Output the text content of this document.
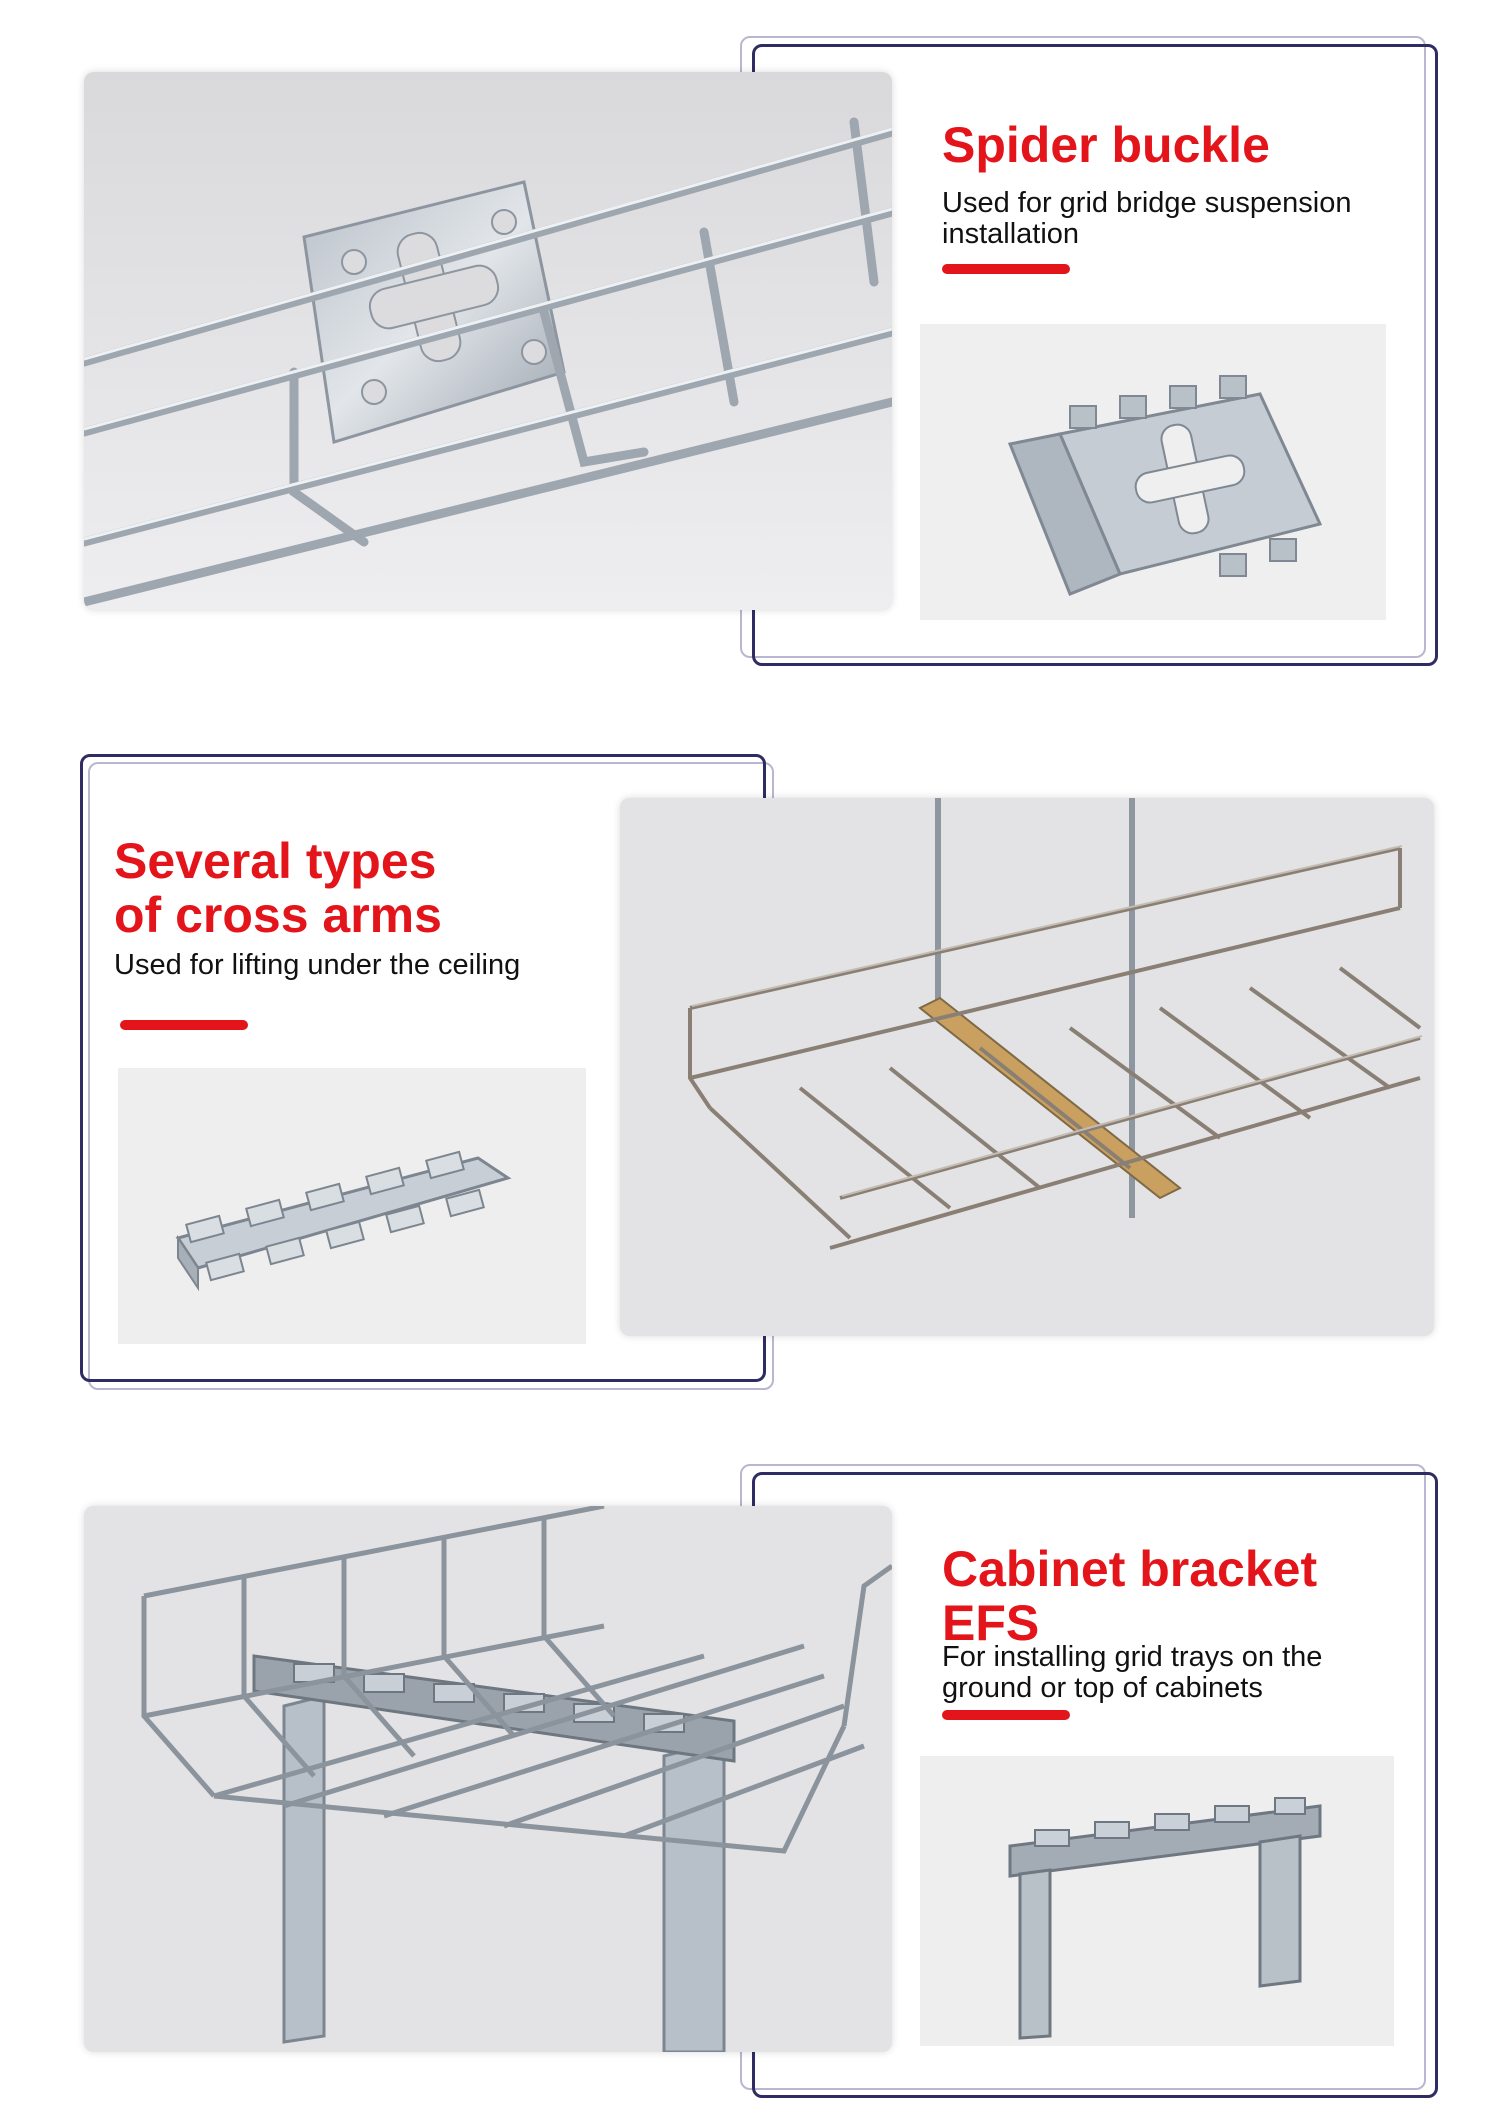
Spider buckle

Used for grid bridge suspension installation

Several types
of cross arms

Used for lifting under the ceiling

Cabinet bracket
EFS

For installing grid trays on the

ground or top of cabinets
